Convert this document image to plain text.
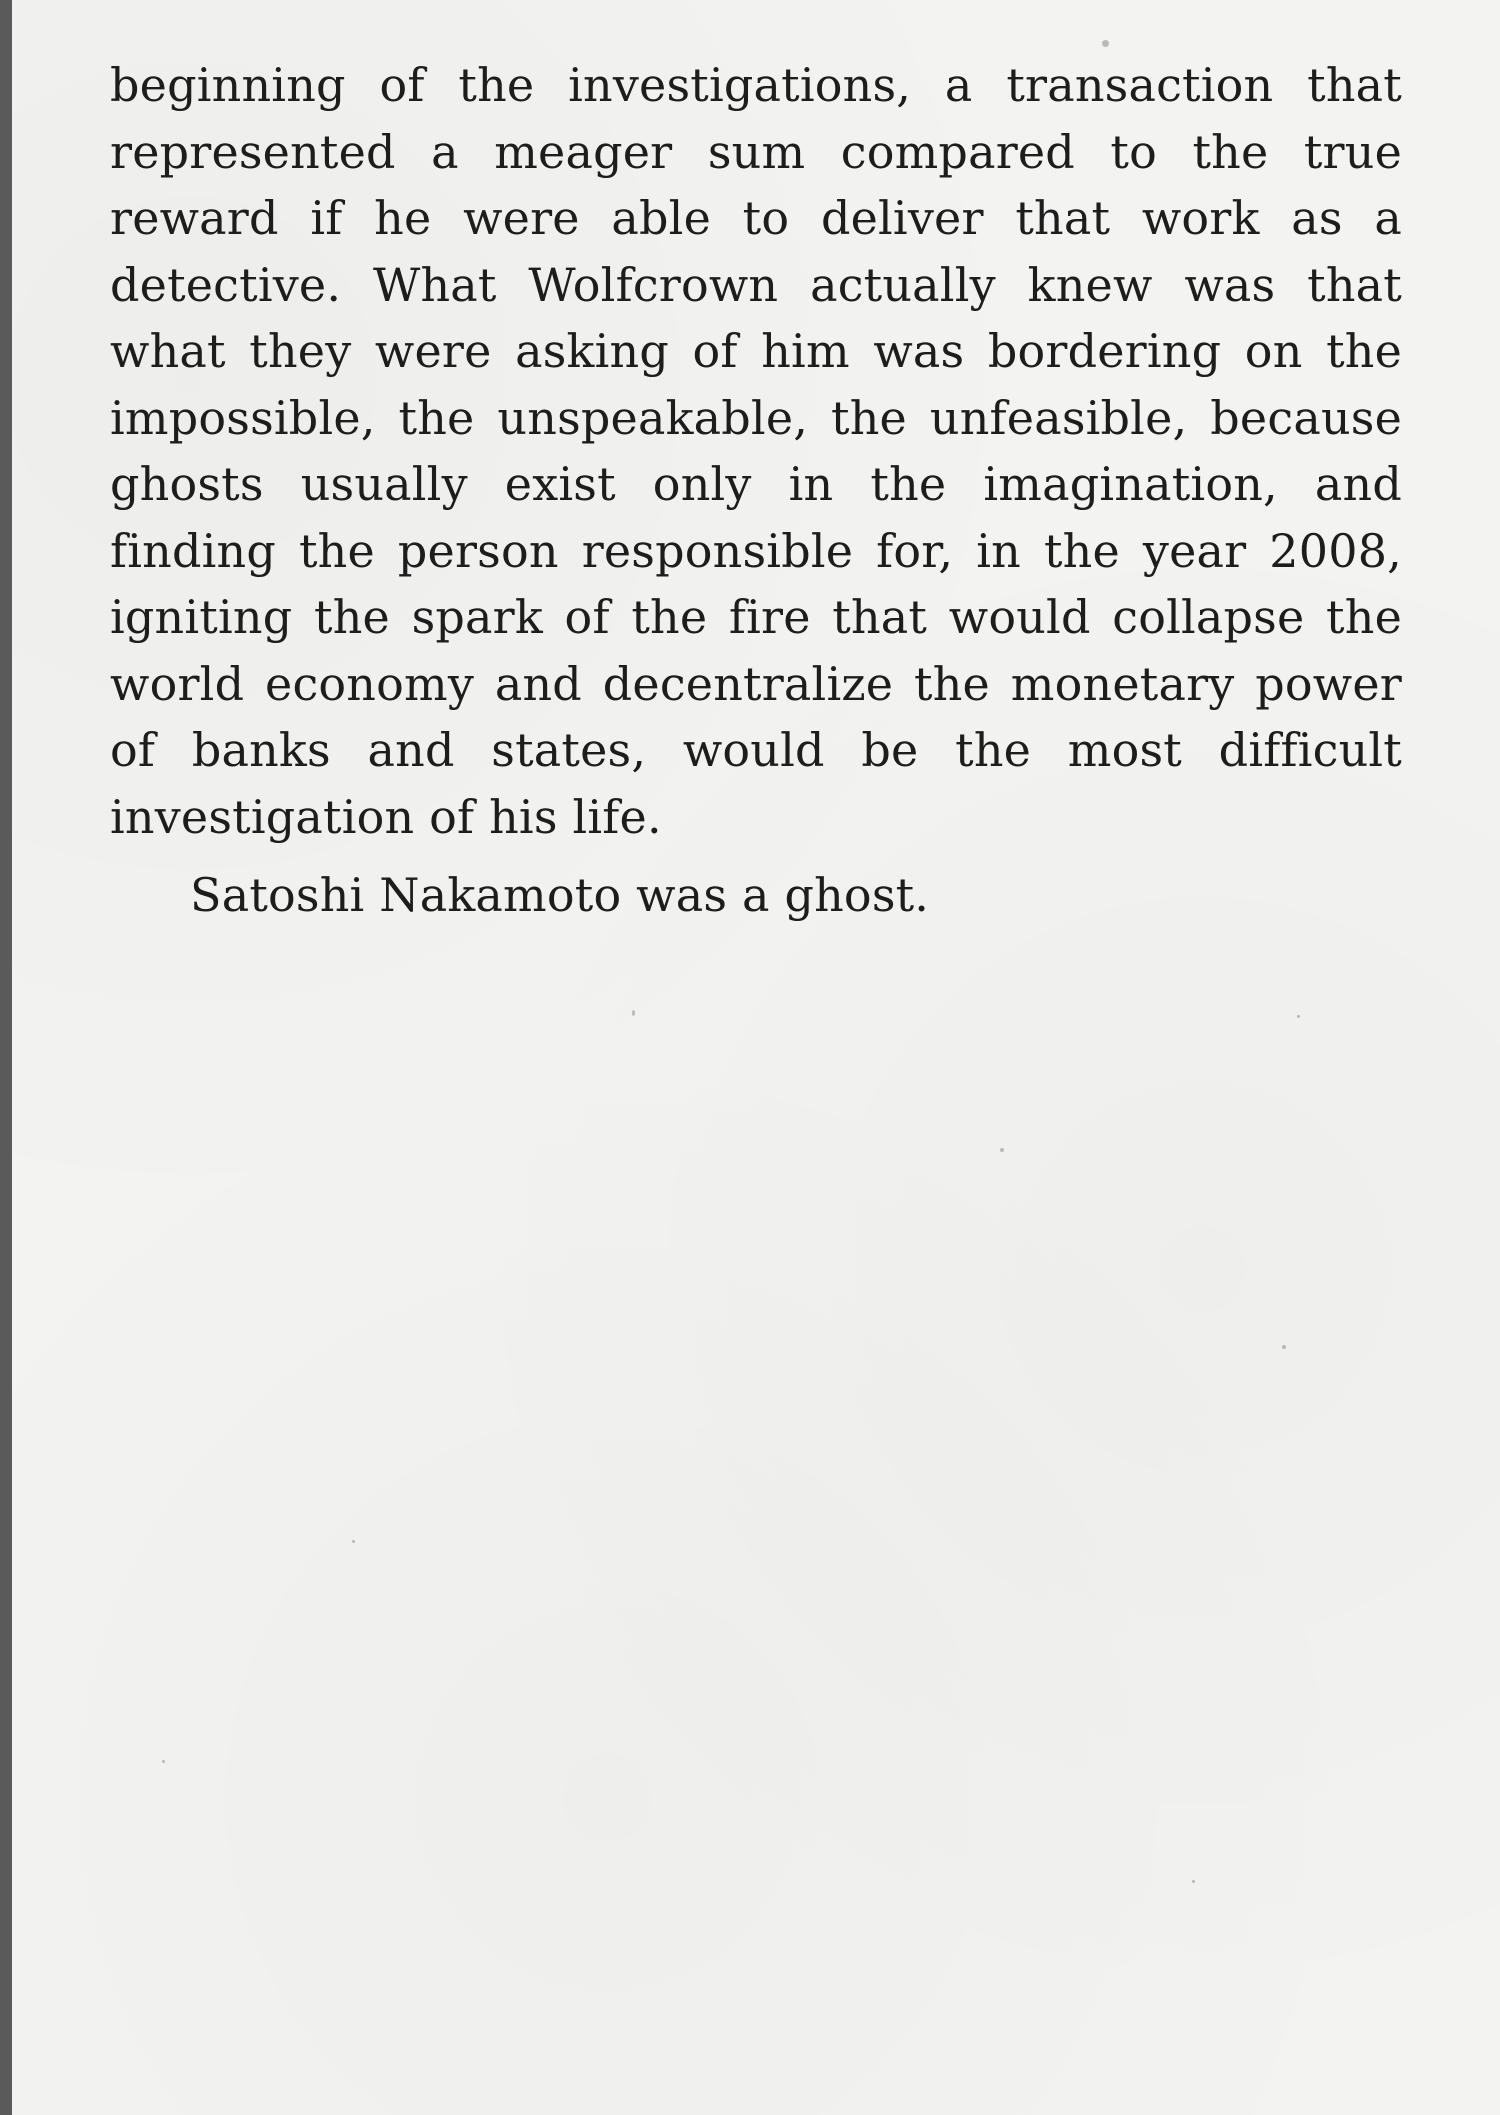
beginning of the investigations, a transaction that represented a meager sum compared to the true reward if he were able to deliver that work as a detective. What Wolfcrown actually knew was that what they were asking of him was bordering on the impossible, the unspeakable, the unfeasible, because ghosts usually exist only in the imagination, and finding the person responsible for, in the year 2008, igniting the spark of the fire that would collapse the world economy and decentralize the monetary power of banks and states, would be the most difficult investigation of his life.

Satoshi Nakamoto was a ghost.
